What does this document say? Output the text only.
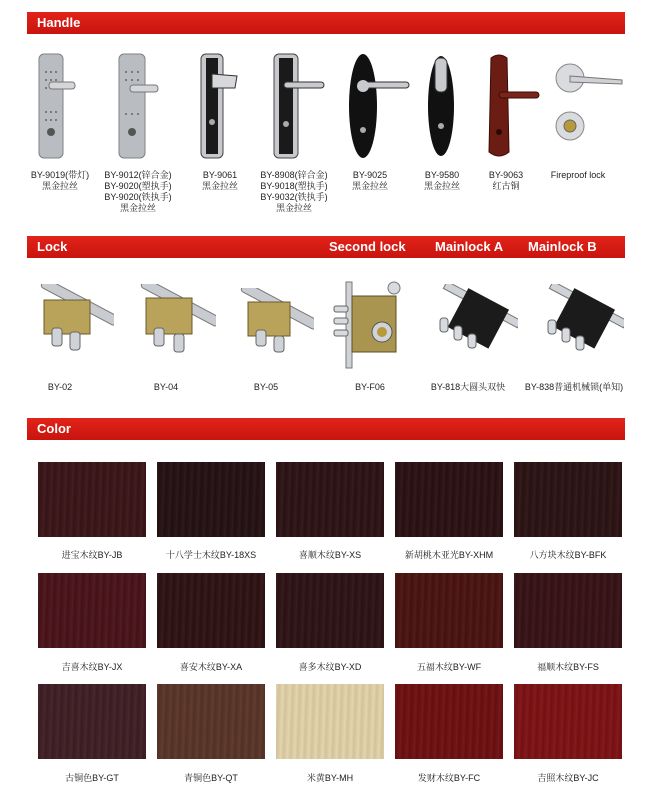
Handle
BY-9019(带灯)
黑金拉丝
BY-9012(锌合金)
BY-9020(塑执手)
BY-9020(铁执手)
黑金拉丝
BY-9061
黑金拉丝
BY-8908(锌合金)
BY-9018(塑执手)
BY-9032(铁执手)
黑金拉丝
BY-9025
黑金拉丝
BY-9580
黑金拉丝
BY-9063
红古铜
Fireproof lock
Lock	Second lock Mainlock A Mainlock B
BY-02	BY-04	BY-05	BY-F06	BY-818大圆头双快	BY-838普通机械锁(单知)
Color
进宝木纹BY-JB	十八学士木纹BY-18XS	喜顺木纹BY-XS	新胡桃木亚光BY-XHM	八方块木纹BY-BFK
吉喜木纹BY-JX	喜安木纹BY-XA	喜多木纹BY-XD	五福木纹BY-WF	福顺木纹BY-FS
古铜色BY-GT	青铜色BY-QT	米黄BY-MH	发财木纹BY-FC	吉照木纹BY-JC
